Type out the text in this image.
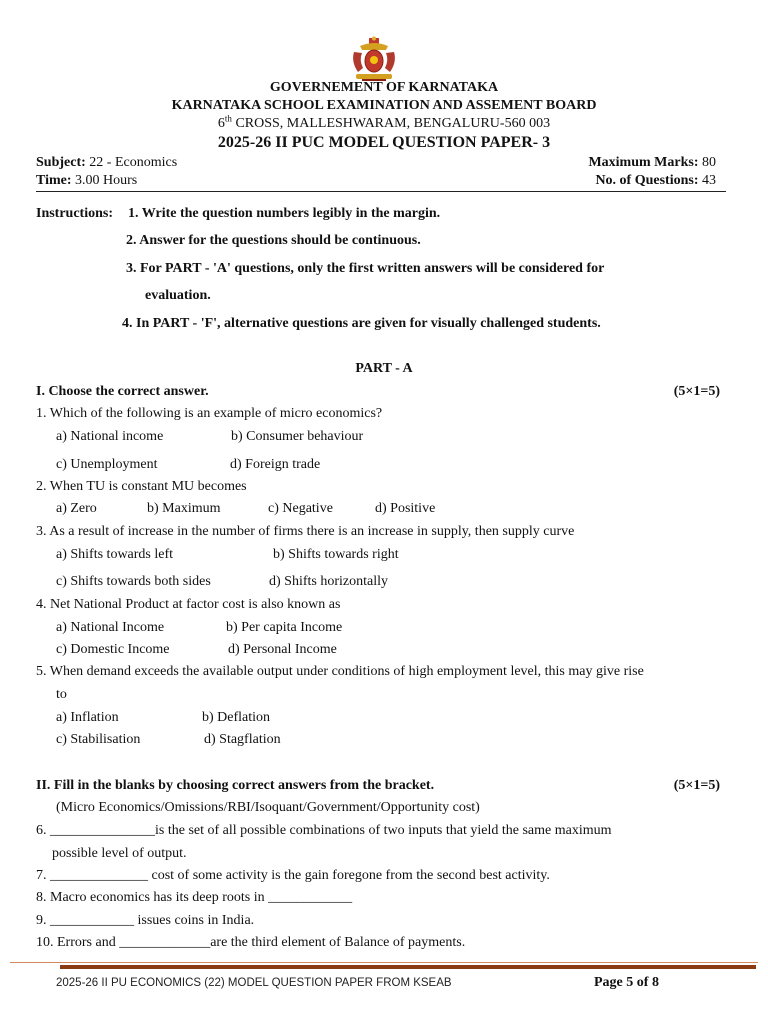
GOVERNEMENT OF KARNATAKA
KARNATAKA SCHOOL EXAMINATION AND ASSEMENT BOARD
6th CROSS, MALLESHWARAM, BENGALURU-560 003
2025-26 II PUC MODEL QUESTION PAPER- 3
Subject: 22 - Economics	Maximum Marks: 80
Time: 3.00 Hours	No. of Questions: 43
Instructions: 1. Write the question numbers legibly in the margin.
2. Answer for the questions should be continuous.
3. For PART - 'A' questions, only the first written answers will be considered for
evaluation.
4. In PART - 'F', alternative questions are given for visually challenged students.
PART - A
I. Choose the correct answer.	(5×1=5)
1. Which of the following is an example of micro economics?
a) National income	b) Consumer behaviour
c) Unemployment	d) Foreign trade
2. When TU is constant MU becomes
a) Zero	b) Maximum	c) Negative	d) Positive
3. As a result of increase in the number of firms there is an increase in supply, then supply curve
a) Shifts towards left	b) Shifts towards right
c) Shifts towards both sides	d) Shifts horizontally
4. Net National Product at factor cost is also known as
a) National Income	b) Per capita Income
c) Domestic Income	d) Personal Income
5. When demand exceeds the available output under conditions of high employment level, this may give rise
to
a) Inflation	b) Deflation
c) Stabilisation	d) Stagflation
II. Fill in the blanks by choosing correct answers from the bracket.	(5×1=5)
(Micro Economics/Omissions/RBI/Isoquant/Government/Opportunity cost)
6. _______________is the set of all possible combinations of two inputs that yield the same maximum
possible level of output.
7. ______________ cost of some activity is the gain foregone from the second best activity.
8. Macro economics has its deep roots in ____________
9. ____________ issues coins in India.
10. Errors and _____________are the third element of Balance of payments.
2025-26 II PU ECONOMICS (22) MODEL QUESTION PAPER FROM KSEAB	Page 5 of 8
